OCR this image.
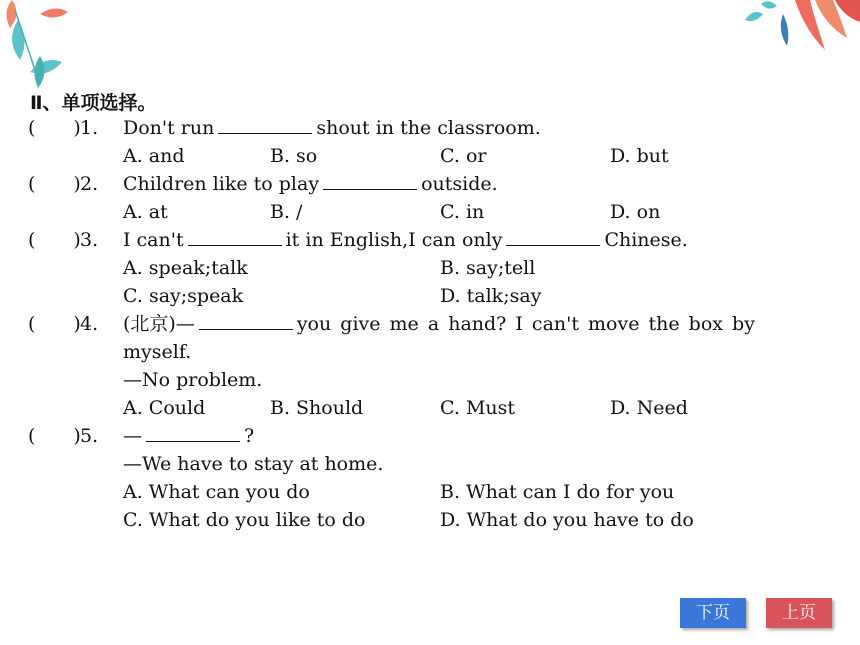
Ⅱ、单项选择。
(　　) 1. Don't run	shout in the classroom.
A. and	B. so	C. or	D. but
(　　) 2. Children like to play	outside.
A. at	B. /	C. in	D. on
(　　) 3. I can't	it in English,I can only	Chinese.
A. speak;talk	B. say;tell
C. say;speak	D. talk;say
(　　) 4. (北京)—	you give me a hand? I can't move the box by
myself.
—No problem.
A. Could	B. Should	C. Must	D. Need
(　　) 5. —	?
—We have to stay at home.
A. What can you do	B. What can I do for you
C. What do you like to do	D. What do you have to do
下页	上页
